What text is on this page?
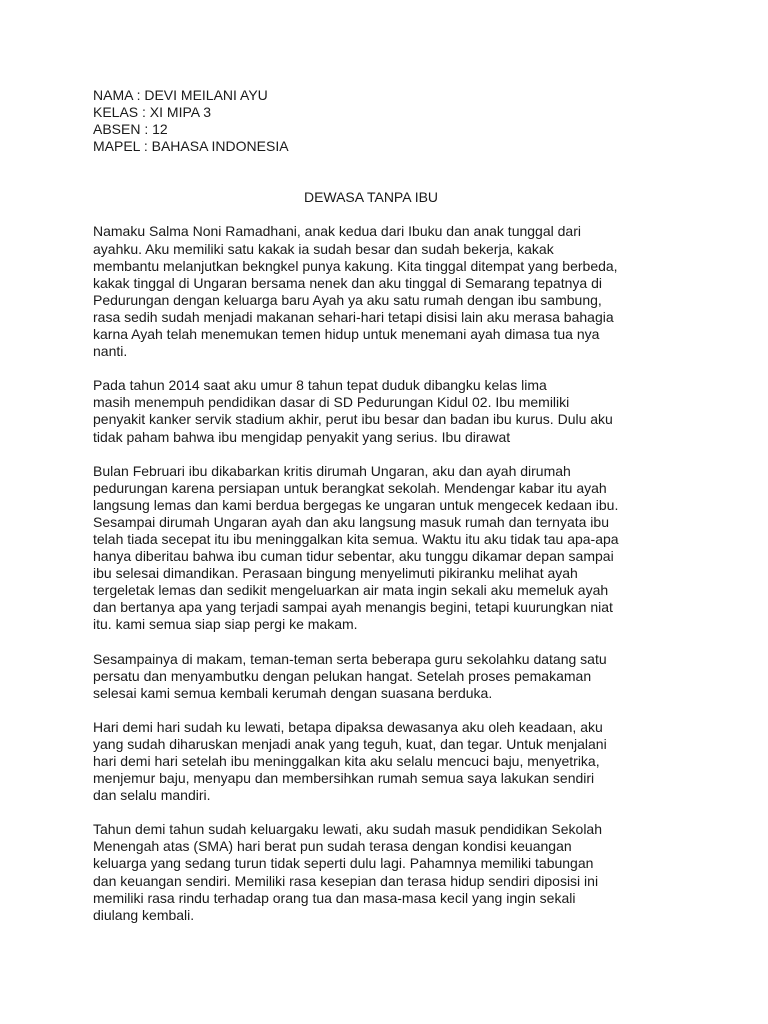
NAMA : DEVI MEILANI AYU
KELAS : XI MIPA 3
ABSEN : 12
MAPEL : BAHASA INDONESIA
DEWASA TANPA IBU
Namaku Salma Noni Ramadhani, anak kedua dari Ibuku dan anak tunggal dari
ayahku. Aku memiliki satu kakak ia sudah besar dan sudah bekerja, kakak
membantu melanjutkan bekngkel punya kakung. Kita tinggal ditempat yang berbeda,
kakak tinggal di Ungaran bersama nenek dan aku tinggal di Semarang tepatnya di
Pedurungan dengan keluarga baru Ayah ya aku satu rumah dengan ibu sambung,
rasa sedih sudah menjadi makanan sehari-hari tetapi disisi lain aku merasa bahagia
karna Ayah telah menemukan temen hidup untuk menemani ayah dimasa tua nya
nanti.
Pada tahun 2014 saat aku umur 8 tahun tepat duduk dibangku kelas lima
masih menempuh pendidikan dasar di SD Pedurungan Kidul 02. Ibu memiliki
penyakit kanker servik stadium akhir, perut ibu besar dan badan ibu kurus. Dulu aku
tidak paham bahwa ibu mengidap penyakit yang serius. Ibu dirawat
Bulan Februari ibu dikabarkan kritis dirumah Ungaran, aku dan ayah dirumah
pedurungan karena persiapan untuk berangkat sekolah. Mendengar kabar itu ayah
langsung lemas dan kami berdua bergegas ke ungaran untuk mengecek kedaan ibu.
Sesampai dirumah Ungaran ayah dan aku langsung masuk rumah dan ternyata ibu
telah tiada secepat itu ibu meninggalkan kita semua. Waktu itu aku tidak tau apa-apa
hanya diberitau bahwa ibu cuman tidur sebentar, aku tunggu dikamar depan sampai
ibu selesai dimandikan. Perasaan bingung menyelimuti pikiranku melihat ayah
tergeletak lemas dan sedikit mengeluarkan air mata ingin sekali aku memeluk ayah
dan bertanya apa yang terjadi sampai ayah menangis begini, tetapi kuurungkan niat
itu. kami semua siap siap pergi ke makam.
Sesampainya di makam, teman-teman serta beberapa guru sekolahku datang satu
persatu dan menyambutku dengan pelukan hangat. Setelah proses pemakaman
selesai kami semua kembali kerumah dengan suasana berduka.
Hari demi hari sudah ku lewati, betapa dipaksa dewasanya aku oleh keadaan, aku
yang sudah diharuskan menjadi anak yang teguh, kuat, dan tegar. Untuk menjalani
hari demi hari setelah ibu meninggalkan kita aku selalu mencuci baju, menyetrika,
menjemur baju, menyapu dan membersihkan rumah semua saya lakukan sendiri
dan selalu mandiri.
Tahun demi tahun sudah keluargaku lewati, aku sudah masuk pendidikan Sekolah
Menengah atas (SMA) hari berat pun sudah terasa dengan kondisi keuangan
keluarga yang sedang turun tidak seperti dulu lagi. Pahamnya memiliki tabungan
dan keuangan sendiri. Memiliki rasa kesepian dan terasa hidup sendiri diposisi ini
memiliki rasa rindu terhadap orang tua dan masa-masa kecil yang ingin sekali
diulang kembali.
